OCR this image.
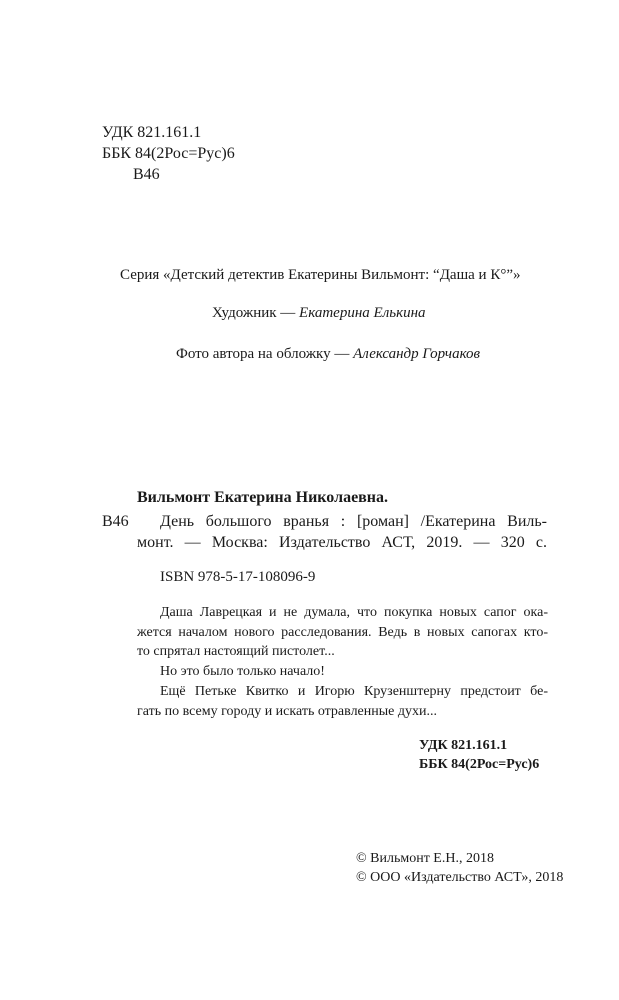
УДК 821.161.1
ББК 84(2Рос=Рус)6
В46
Серия «Детский детектив Екатерины Вильмонт: “Даша и К°”»
Художник — Екатерина Елькина
Фото автора на обложку — Александр Горчаков
Вильмонт Екатерина Николаевна.
В46 День большого вранья : [роман] /Екатерина Виль-
монт. — Москва: Издательство АСТ, 2019. — 320 с.
ISBN 978-5-17-108096-9
Даша Лаврецкая и не думала, что покупка новых сапог ока-
жется началом нового расследования. Ведь в новых сапогах кто-
то спрятал настоящий пистолет...
Но это было только начало!
Ещё Петьке Квитко и Игорю Крузенштерну предстоит бе-
гать по всему городу и искать отравленные духи...
УДК 821.161.1
ББК 84(2Рос=Рус)6
© Вильмонт Е.Н., 2018
© ООО «Издательство АСТ», 2018
